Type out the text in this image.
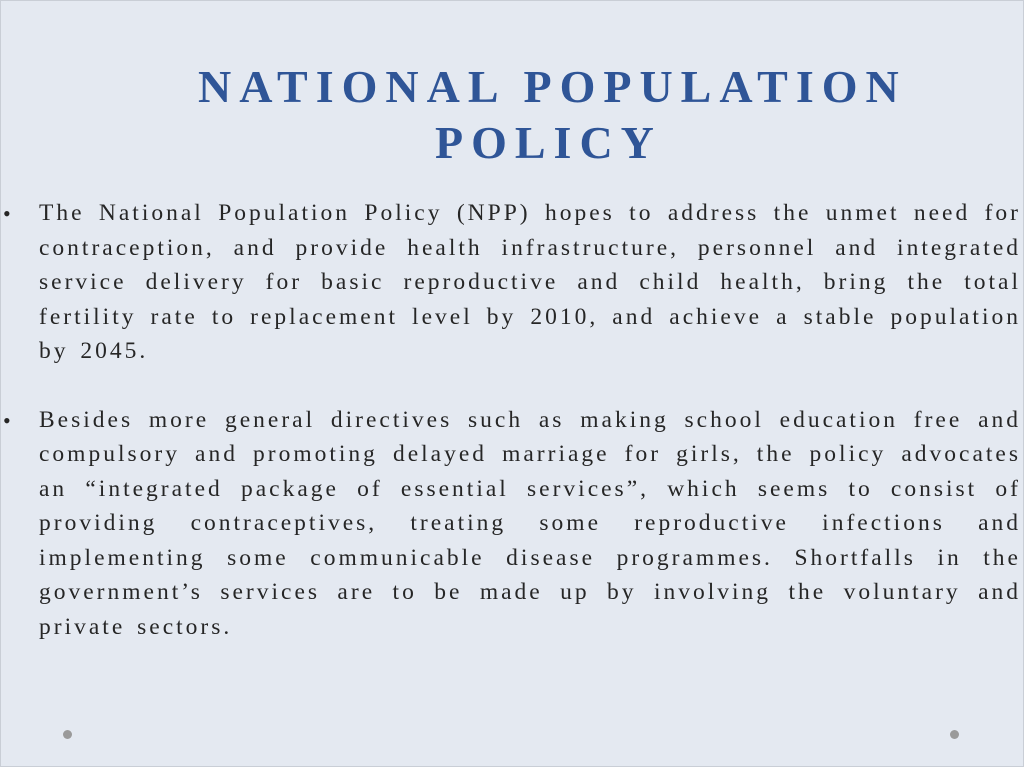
NATIONAL POPULATION
POLICY
• The National Population Policy (NPP) hopes to address the unmet need for contraception, and provide health infrastructure, personnel and integrated service delivery for basic reproductive and child health, bring the total fertility rate to replacement level by 2010, and achieve a stable population by 2045.
• Besides more general directives such as making school education free and compulsory and promoting delayed marriage for girls, the policy advocates an “integrated package of essential services”, which seems to consist of providing contraceptives, treating some reproductive infections and implementing some communicable disease programmes. Shortfalls in the government’s services are to be made up by involving the voluntary and private sectors.
